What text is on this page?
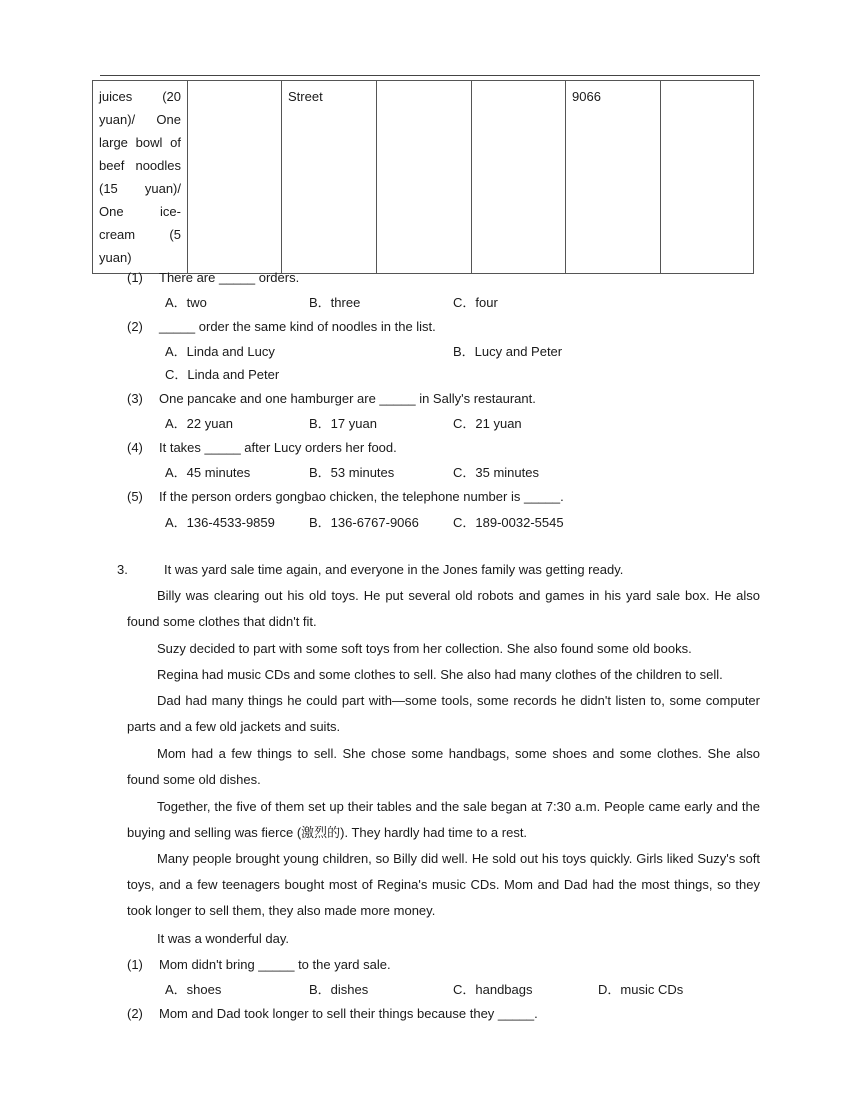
juices (20
yuan)/ One
large bowl of
beef noodles
(15 yuan)/
One ice-
cream (5
yuan)
		Street			9066	
(1) There are _____ orders.
A．two	B．three	C．four
(2) _____ order the same kind of noodles in the list.
A．Linda and Lucy	B．Lucy and Peter
C．Linda and Peter
(3) One pancake and one hamburger are _____ in Sally's restaurant.
A．22 yuan	B．17 yuan	C．21 yuan
(4) It takes _____ after Lucy orders her food.
A．45 minutes	B．53 minutes	C．35 minutes
(5) If the person orders gongbao chicken, the telephone number is _____.
A．136-4533-9859	B．136-6767-9066	C．189-0032-5545
3.	It was yard sale time again, and everyone in the Jones family was getting ready.
Billy was clearing out his old toys. He put several old robots and games in his yard sale box. He also found some clothes that didn't fit.
Suzy decided to part with some soft toys from her collection. She also found some old books.
Regina had music CDs and some clothes to sell. She also had many clothes of the children to sell.
Dad had many things he could part with—some tools, some records he didn't listen to, some computer parts and a few old jackets and suits.
Mom had a few things to sell. She chose some handbags, some shoes and some clothes. She also found some old dishes.
Together, the five of them set up their tables and the sale began at 7:30 a.m. People came early and the buying and selling was fierce (激烈的). They hardly had time to a rest.
Many people brought young children, so Billy did well. He sold out his toys quickly. Girls liked Suzy's soft toys, and a few teenagers bought most of Regina's music CDs. Mom and Dad had the most things, so they took longer to sell them, they also made more money.
It was a wonderful day.
(1) Mom didn't bring _____ to the yard sale.
A．shoes	B．dishes	C．handbags	D．music CDs
(2) Mom and Dad took longer to sell their things because they _____.
